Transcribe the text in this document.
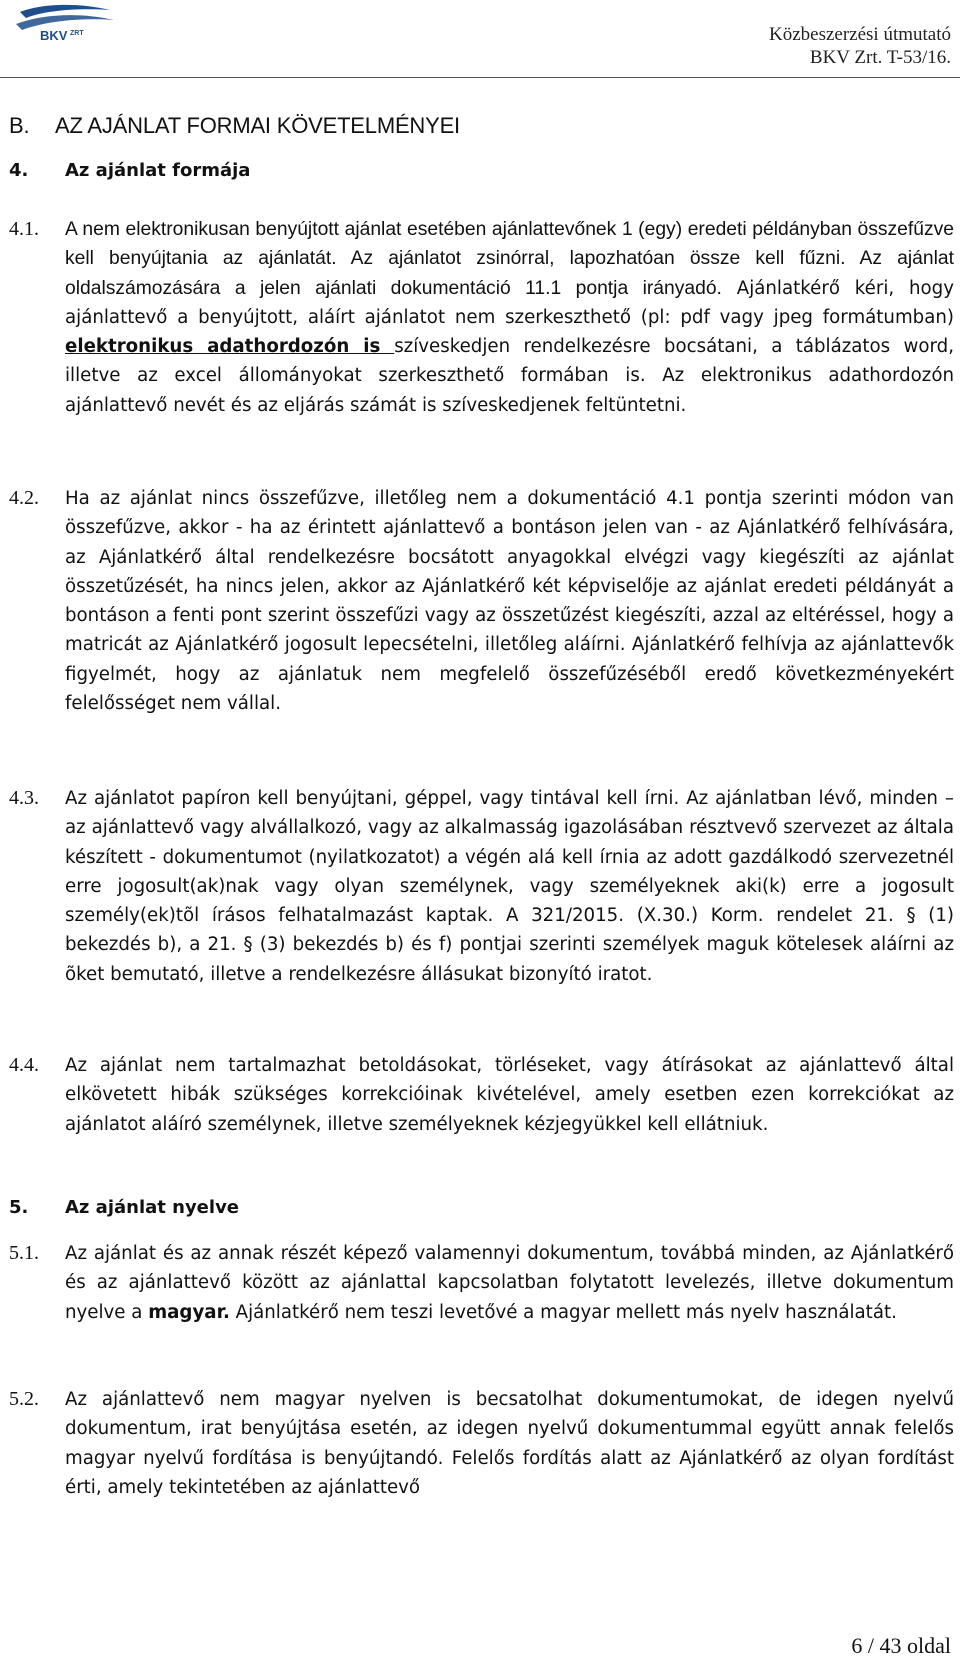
BKV ZRT	Közbeszerzési útmutató
BKV Zrt. T-53/16.
B. AZ AJÁNLAT FORMAI KÖVETELMÉNYEI
4. Az ajánlat formája
4.1. A nem elektronikusan benyújtott ajánlat esetében ajánlattevőnek 1 (egy) eredeti példányban összefűzve kell benyújtania az ajánlatát. Az ajánlatot zsinórral, lapozhatóan össze kell fűzni. Az ajánlat oldalszámozására a jelen ajánlati dokumentáció 11.1 pontja irányadó. Ajánlatkérő kéri, hogy ajánlattevő a benyújtott, aláírt ajánlatot nem szerkeszthető (pl: pdf vagy jpeg formátumban) elektronikus adathordozón is szíveskedjen rendelkezésre bocsátani, a táblázatos word, illetve az excel állományokat szerkeszthető formában is. Az elektronikus adathordozón ajánlattevő nevét és az eljárás számát is szíveskedjenek feltüntetni.
4.2. Ha az ajánlat nincs összefűzve, illetőleg nem a dokumentáció 4.1 pontja szerinti módon van összefűzve, akkor - ha az érintett ajánlattevő a bontáson jelen van - az Ajánlatkérő felhívására, az Ajánlatkérő által rendelkezésre bocsátott anyagokkal elvégzi vagy kiegészíti az ajánlat összetűzését, ha nincs jelen, akkor az Ajánlatkérő két képviselője az ajánlat eredeti példányát a bontáson a fenti pont szerint összefűzi vagy az összetűzést kiegészíti, azzal az eltéréssel, hogy a matricát az Ajánlatkérő jogosult lepecsételni, illetőleg aláírni. Ajánlatkérő felhívja az ajánlattevők figyelmét, hogy az ajánlatuk nem megfelelő összefűzéséből eredő következményekért felelősséget nem vállal.
4.3. Az ajánlatot papíron kell benyújtani, géppel, vagy tintával kell írni. Az ajánlatban lévő, minden – az ajánlattevő vagy alvállalkozó, vagy az alkalmasság igazolásában résztvevő szervezet az általa készített - dokumentumot (nyilatkozatot) a végén alá kell írnia az adott gazdálkodó szervezetnél erre jogosult(ak)nak vagy olyan személynek, vagy személyeknek aki(k) erre a jogosult személy(ek)tõl írásos felhatalmazást kaptak. A 321/2015. (X.30.) Korm. rendelet 21. § (1) bekezdés b), a 21. § (3) bekezdés b) és f) pontjai szerinti személyek maguk kötelesek aláírni az õket bemutató, illetve a rendelkezésre állásukat bizonyító iratot.
4.4. Az ajánlat nem tartalmazhat betoldásokat, törléseket, vagy átírásokat az ajánlattevő által elkövetett hibák szükséges korrekcióinak kivételével, amely esetben ezen korrekciókat az ajánlatot aláíró személynek, illetve személyeknek kézjegyükkel kell ellátniuk.
5. Az ajánlat nyelve
5.1. Az ajánlat és az annak részét képező valamennyi dokumentum, továbbá minden, az Ajánlatkérő és az ajánlattevő között az ajánlattal kapcsolatban folytatott levelezés, illetve dokumentum nyelve a magyar. Ajánlatkérő nem teszi levetővé a magyar mellett más nyelv használatát.
5.2. Az ajánlattevő nem magyar nyelven is becsatolhat dokumentumokat, de idegen nyelvű dokumentum, irat benyújtása esetén, az idegen nyelvű dokumentummal együtt annak felelős magyar nyelvű fordítása is benyújtandó. Felelős fordítás alatt az Ajánlatkérő az olyan fordítást érti, amely tekintetében az ajánlattevő
6 / 43 oldal
